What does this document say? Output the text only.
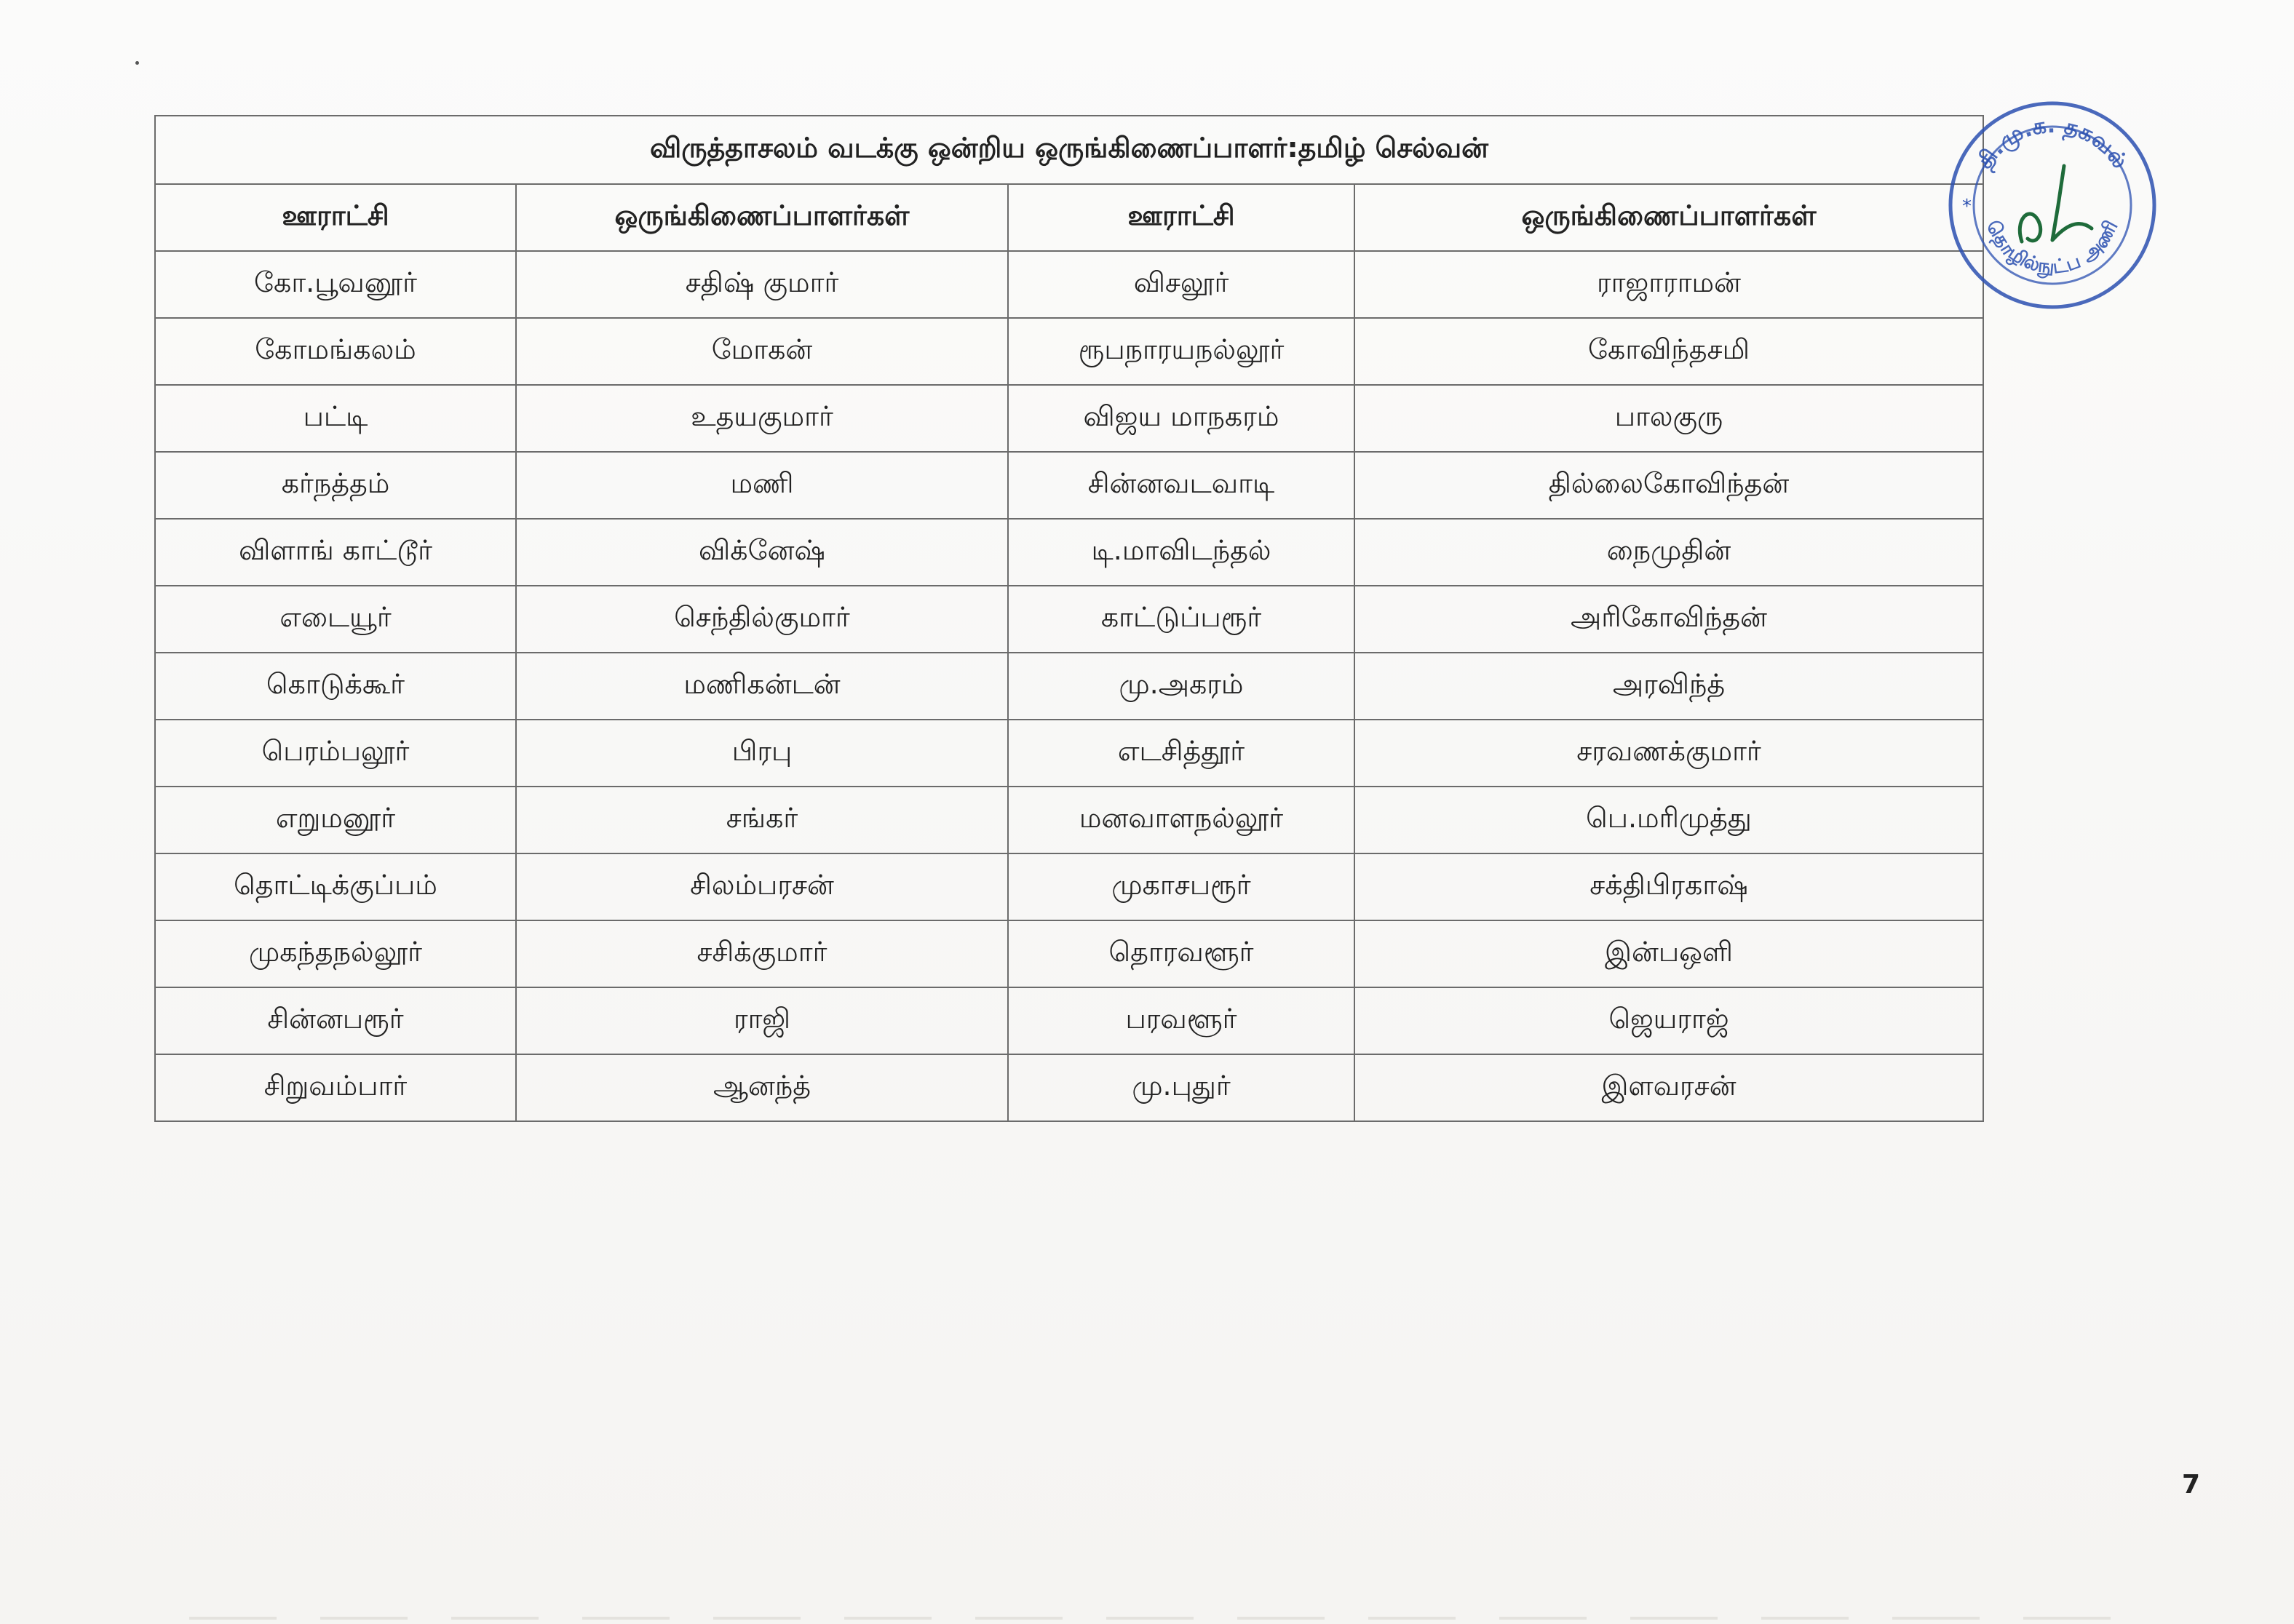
விருத்தாசலம் வடக்கு ஒன்றிய ஒருங்கிணைப்பாளர்:தமிழ் செல்வன்			
ஊராட்சி	ஒருங்கிணைப்பாளர்கள்	ஊராட்சி	ஒருங்கிணைப்பாளர்கள்
கோ.பூவனூர்	சதிஷ் குமார்	விசலூர்	ராஜாராமன்
கோமங்கலம்	மோகன்	ரூபநாரயநல்லூர்	கோவிந்தசமி
பட்டி	உதயகுமார்	விஜய மாநகரம்	பாலகுரு
கர்நத்தம்	மணி	சின்னவடவாடி	தில்லைகோவிந்தன்
விளாங் காட்டூர்	விக்னேஷ்	டி.மாவிடந்தல்	நைமுதின்
எடையூர்	செந்தில்குமார்	காட்டுப்பரூர்	அரிகோவிந்தன்
கொடுக்கூர்	மணிகன்டன்	மு.அகரம்	அரவிந்த்
பெரம்பலூர்	பிரபு	எடசித்தூர்	சரவணக்குமார்
எறுமனூர்	சங்கர்	மனவாளநல்லூர்	பெ.மரிமுத்து
தொட்டிக்குப்பம்	சிலம்பரசன்	முகாசபரூர்	சக்திபிரகாஷ்
முகந்தநல்லூர்	சசிக்குமார்	தொரவளூர்	இன்பஒளி
சின்னபரூர்	ராஜி	பரவளூர்	ஜெயராஜ்
சிறுவம்பார்	ஆனந்த்	மு.புதுர்	இளவரசன்
தி.மு.க. தகவல்
தொழில்நுட்ப அணி
*
7
